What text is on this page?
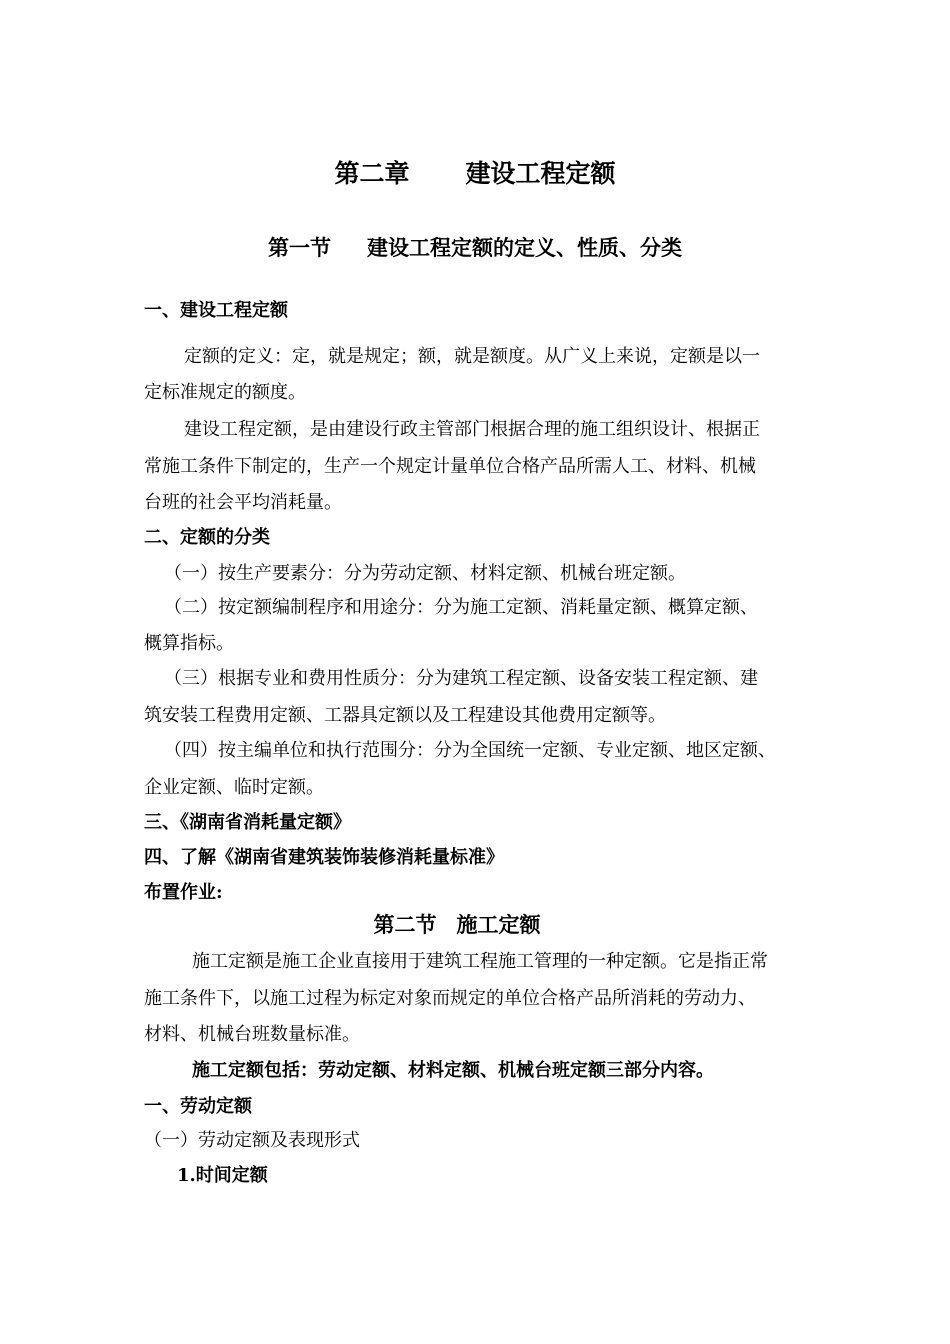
第二章 建设工程定额
第一节 建设工程定额的定义、性质、分类
一、建设工程定额
定额的定义：定，就是规定；额，就是额度。从广义上来说，定额是以一
定标准规定的额度。
建设工程定额，是由建设行政主管部门根据合理的施工组织设计、根据正
常施工条件下制定的，生产一个规定计量单位合格产品所需人工、材料、机械
台班的社会平均消耗量。
二、定额的分类
（一）按生产要素分：分为劳动定额、材料定额、机械台班定额。
（二）按定额编制程序和用途分：分为施工定额、消耗量定额、概算定额、
概算指标。
（三）根据专业和费用性质分：分为建筑工程定额、设备安装工程定额、建
筑安装工程费用定额、工器具定额以及工程建设其他费用定额等。
（四）按主编单位和执行范围分：分为全国统一定额、专业定额、地区定额、
企业定额、临时定额。
三、《湖南省消耗量定额》
四、了解《湖南省建筑装饰装修消耗量标准》
布置作业:
第二节 施工定额
施工定额是施工企业直接用于建筑工程施工管理的一种定额。它是指正常
施工条件下，以施工过程为标定对象而规定的单位合格产品所消耗的劳动力、
材料、机械台班数量标准。
施工定额包括：劳动定额、材料定额、机械台班定额三部分内容。
一、劳动定额
（一）劳动定额及表现形式
1.时间定额
